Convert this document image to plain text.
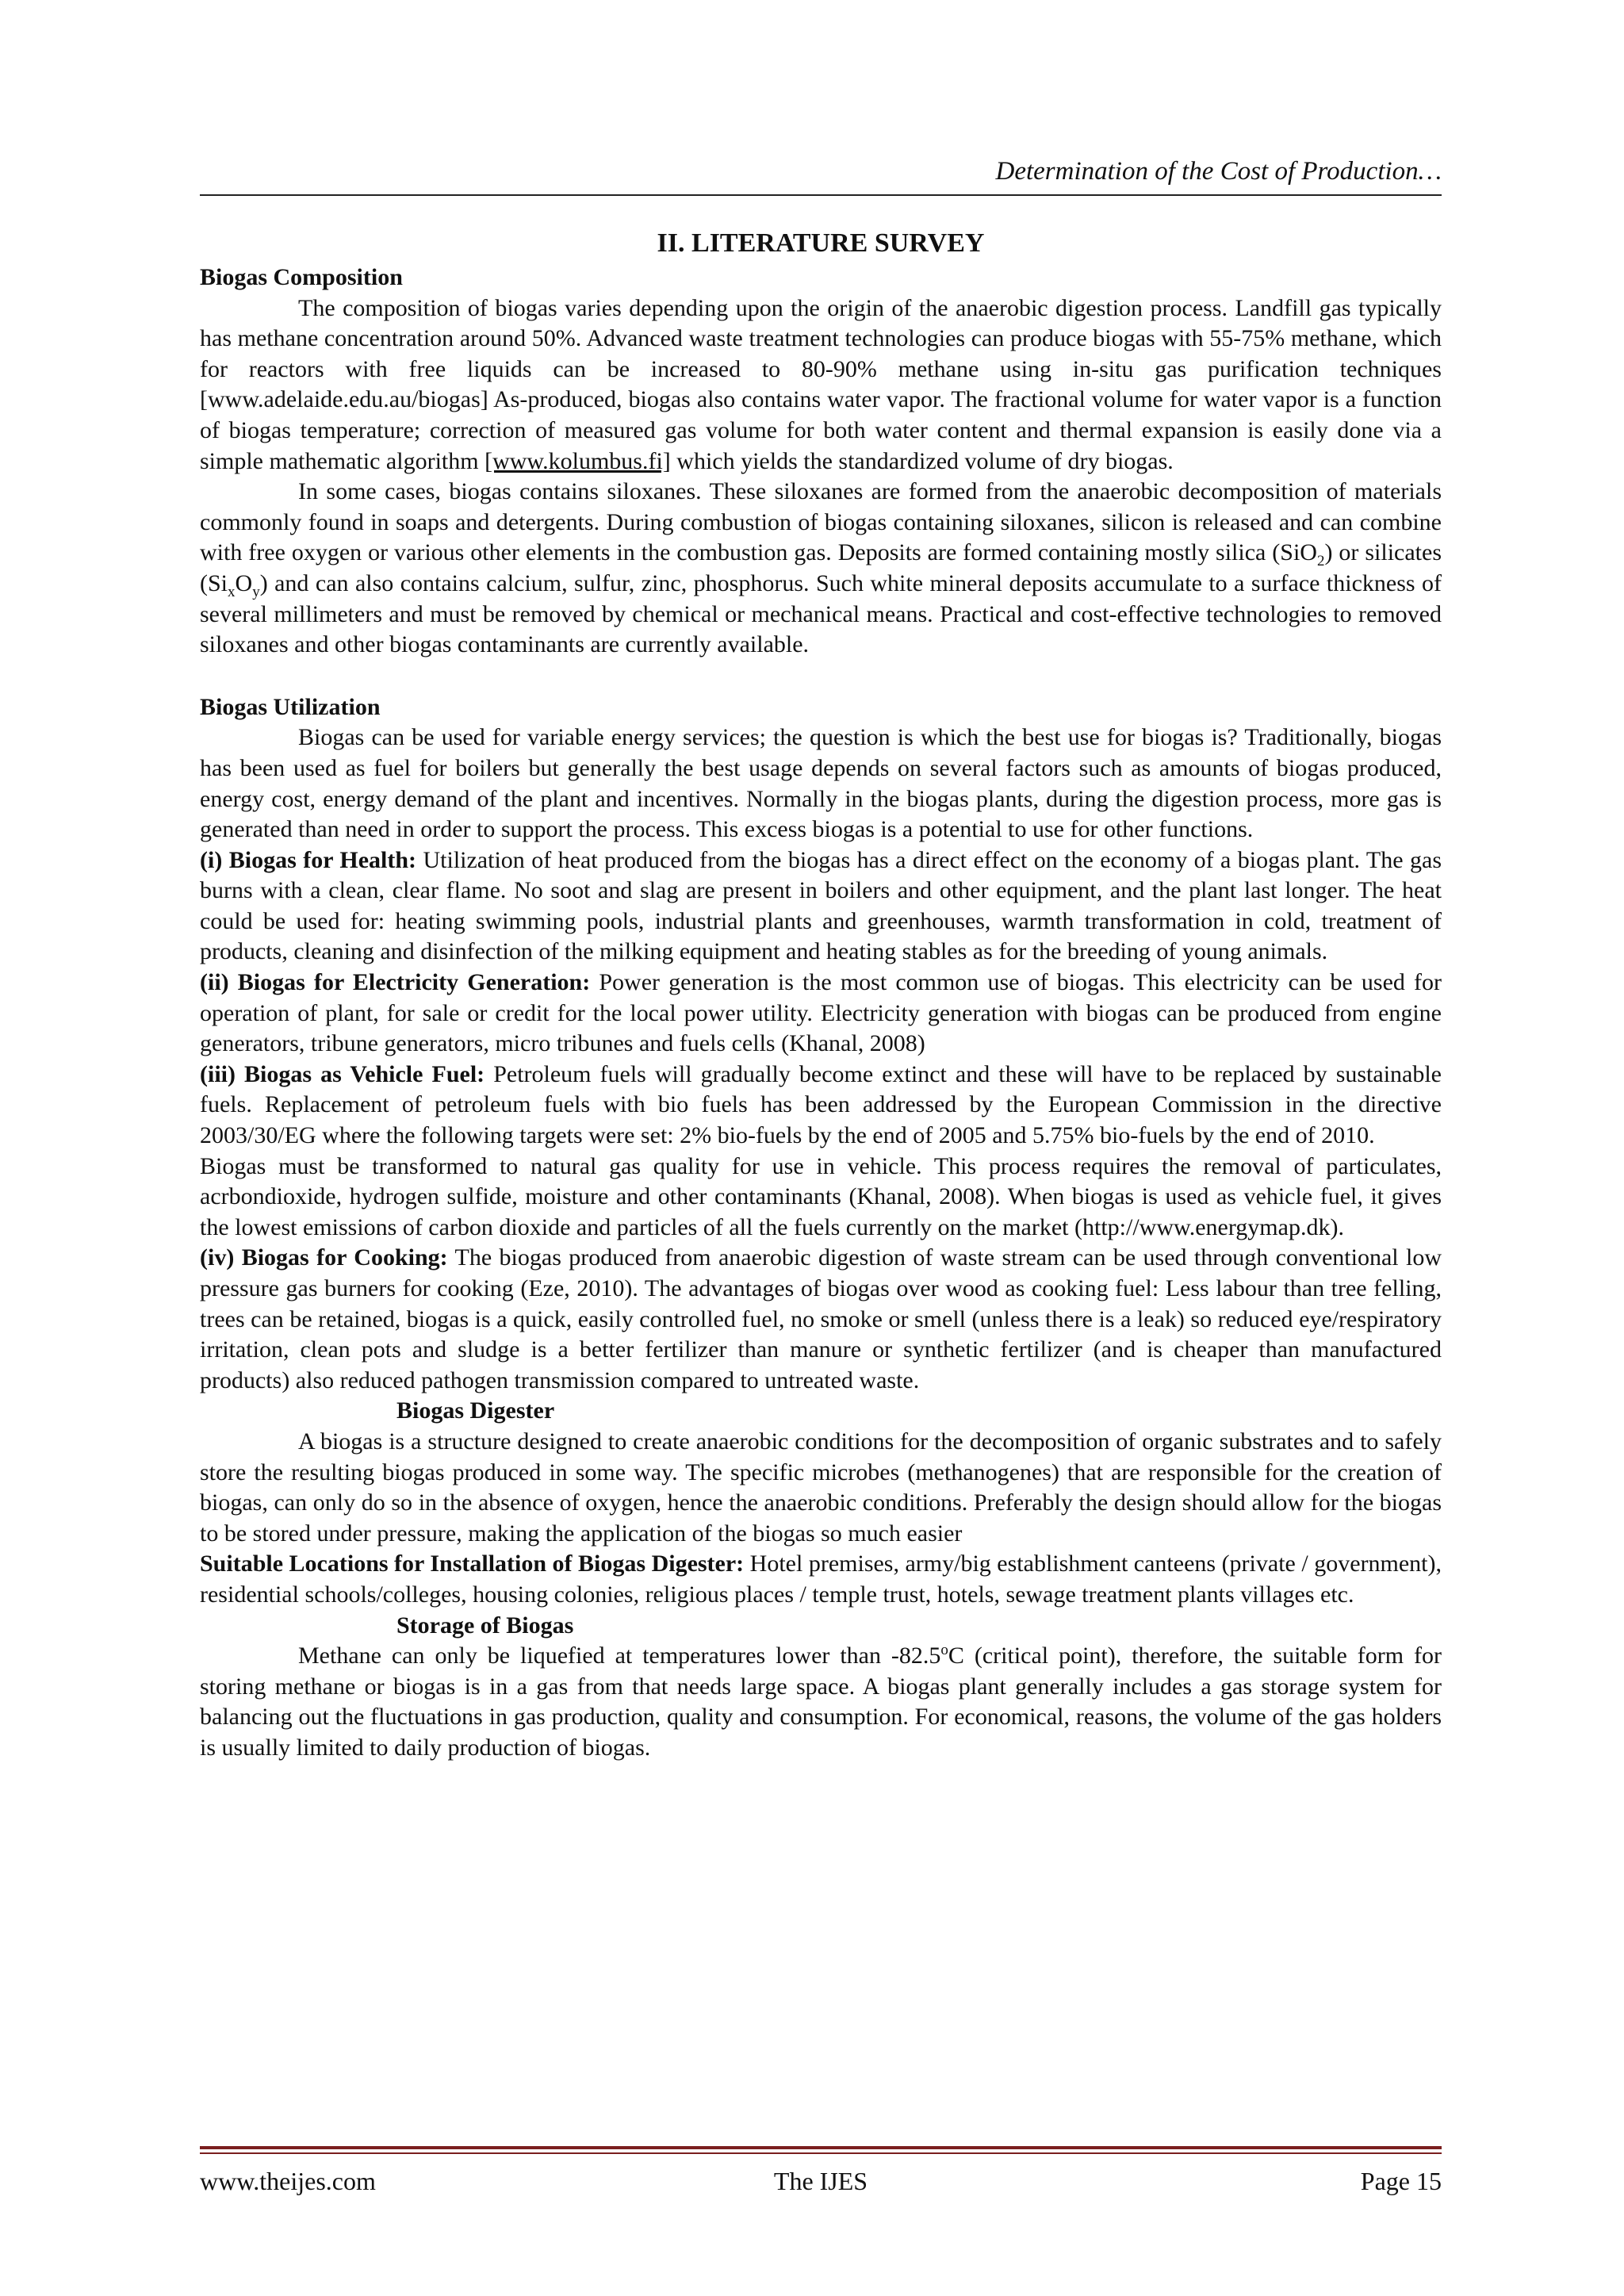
Determination of the Cost of Production…
II. LITERATURE SURVEY

Biogas Composition

The composition of biogas varies depending upon the origin of the anaerobic digestion process. Landfill gas typically has methane concentration around 50%. Advanced waste treatment technologies can produce biogas with 55-75% methane, which for reactors with free liquids can be increased to 80-90% methane using in-situ gas purification techniques [www.adelaide.edu.au/biogas] As-produced, biogas also contains water vapor. The fractional volume for water vapor is a function of biogas temperature; correction of measured gas volume for both water content and thermal expansion is easily done via a simple mathematic algorithm [www.kolumbus.fi] which yields the standardized volume of dry biogas.

In some cases, biogas contains siloxanes. These siloxanes are formed from the anaerobic decomposition of materials commonly found in soaps and detergents. During combustion of biogas containing siloxanes, silicon is released and can combine with free oxygen or various other elements in the combustion gas. Deposits are formed containing mostly silica (SiO$_2$) or silicates $(Si_xO_y)$ and can also contains calcium, sulfur, zinc, phosphorus. Such white mineral deposits accumulate to a surface thickness of several millimeters and must be removed by chemical or mechanical means. Practical and cost-effective technologies to removed siloxanes and other biogas contaminants are currently available.

Biogas Utilization

Biogas can be used for variable energy services; the question is which the best use for biogas is? Traditionally, biogas has been used as fuel for boilers but generally the best usage depends on several factors such as amounts of biogas produced, energy cost, energy demand of the plant and incentives. Normally in the biogas plants, during the digestion process, more gas is generated than need in order to support the process. This excess biogas is a potential to use for other functions.

(i) Biogas for Health: Utilization of heat produced from the biogas has a direct effect on the economy of a biogas plant. The gas burns with a clean, clear flame. No soot and slag are present in boilers and other equipment, and the plant last longer. The heat could be used for: heating swimming pools, industrial plants and greenhouses, warmth transformation in cold, treatment of products, cleaning and disinfection of the milking equipment and heating stables as for the breeding of young animals.

(ii) Biogas for Electricity Generation: Power generation is the most common use of biogas. This electricity can be used for operation of plant, for sale or credit for the local power utility. Electricity generation with biogas can be produced from engine generators, tribune generators, micro tribunes and fuels cells (Khanal, 2008)

(iii) Biogas as Vehicle Fuel: Petroleum fuels will gradually become extinct and these will have to be replaced by sustainable fuels. Replacement of petroleum fuels with bio fuels has been addressed by the European Commission in the directive 2003/30/EG where the following targets were set: 2% bio-fuels by the end of 2005 and 5.75% bio-fuels by the end of 2010.

Biogas must be transformed to natural gas quality for use in vehicle. This process requires the removal of particulates, acrbondioxide, hydrogen sulfide, moisture and other contaminants (Khanal, 2008). When biogas is used as vehicle fuel, it gives the lowest emissions of carbon dioxide and particles of all the fuels currently on the market (http://www.energymap.dk).

(iv) Biogas for Cooking: The biogas produced from anaerobic digestion of waste stream can be used through conventional low pressure gas burners for cooking (Eze, 2010). The advantages of biogas over wood as cooking fuel: Less labour than tree felling, trees can be retained, biogas is a quick, easily controlled fuel, no smoke or smell (unless there is a leak) so reduced eye/respiratory irritation, clean pots and sludge is a better fertilizer than manure or synthetic fertilizer (and is cheaper than manufactured products) also reduced pathogen transmission compared to untreated waste.

Biogas Digester

A biogas is a structure designed to create anaerobic conditions for the decomposition of organic substrates and to safely store the resulting biogas produced in some way. The specific microbes (methanogenes) that are responsible for the creation of biogas, can only do so in the absence of oxygen, hence the anaerobic conditions. Preferably the design should allow for the biogas to be stored under pressure, making the application of the biogas so much easier

Suitable Locations for Installation of Biogas Digester: Hotel premises, army/big establishment canteens (private / government), residential schools/colleges, housing colonies, religious places / temple trust, hotels, sewage treatment plants villages etc.

Storage of Biogas

Methane can only be liquefied at temperatures lower than -82.5$^o$C (critical point), therefore, the suitable form for storing methane or biogas is in a gas from that needs large space. A biogas plant generally includes a gas storage system for balancing out the fluctuations in gas production, quality and consumption. For economical, reasons, the volume of the gas holders is usually limited to daily production of biogas.

www.theijes.com	The IJES	Page 15
